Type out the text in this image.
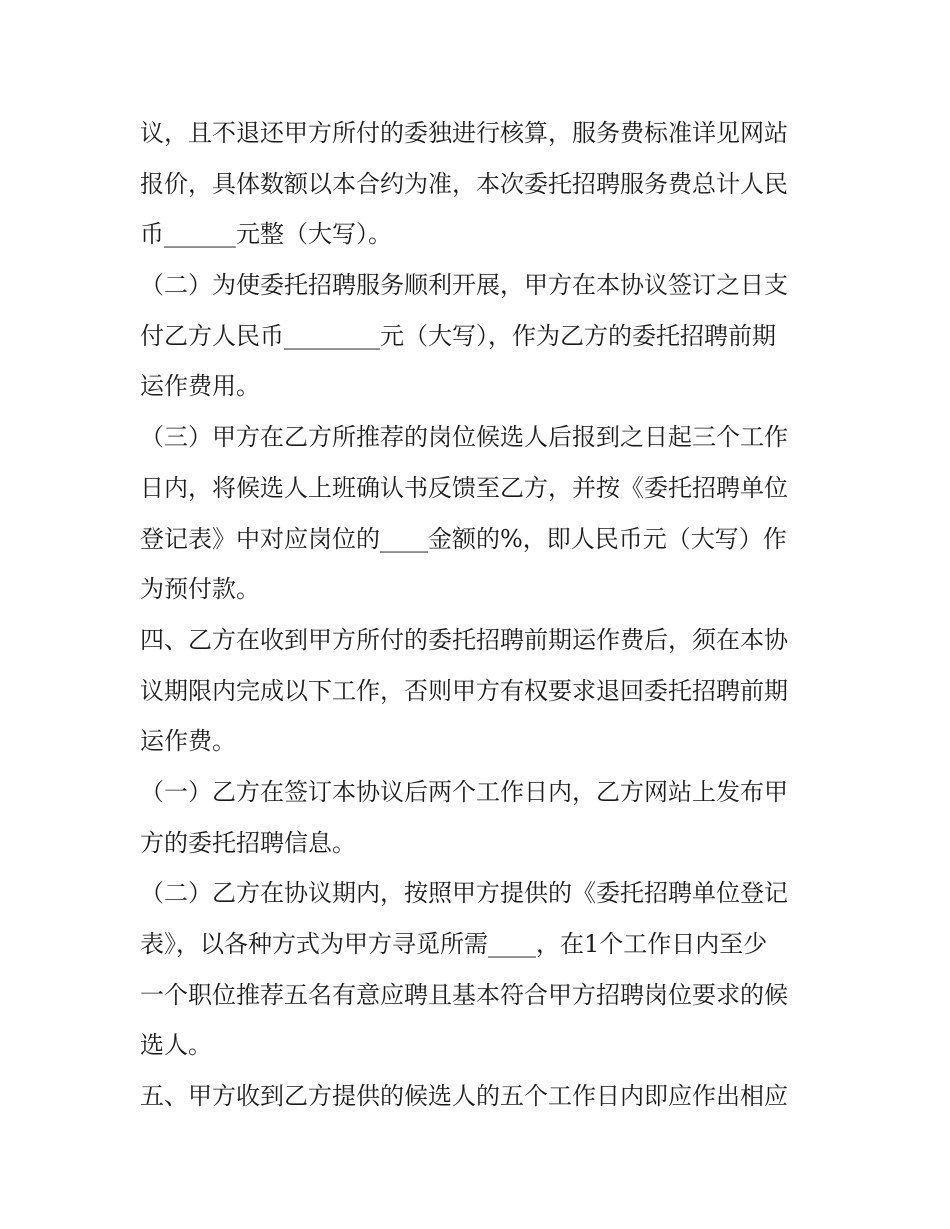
议，且不退还甲方所付的委独进行核算，服务费标准详见网站
报价，具体数额以本合约为准，本次委托招聘服务费总计人民
币______元整（大写）。
（二）为使委托招聘服务顺利开展，甲方在本协议签订之日支
付乙方人民币________元（大写），作为乙方的委托招聘前期
运作费用。
（三）甲方在乙方所推荐的岗位候选人后报到之日起三个工作
日内，将候选人上班确认书反馈至乙方，并按《委托招聘单位
登记表》中对应岗位的____金额的%，即人民币元（大写）作
为预付款。
四、乙方在收到甲方所付的委托招聘前期运作费后，须在本协
议期限内完成以下工作，否则甲方有权要求退回委托招聘前期
运作费。
（一）乙方在签订本协议后两个工作日内，乙方网站上发布甲
方的委托招聘信息。
（二）乙方在协议期内，按照甲方提供的《委托招聘单位登记
表》，以各种方式为甲方寻觅所需____，在1个工作日内至少
一个职位推荐五名有意应聘且基本符合甲方招聘岗位要求的候
选人。
五、甲方收到乙方提供的候选人的五个工作日内即应作出相应
